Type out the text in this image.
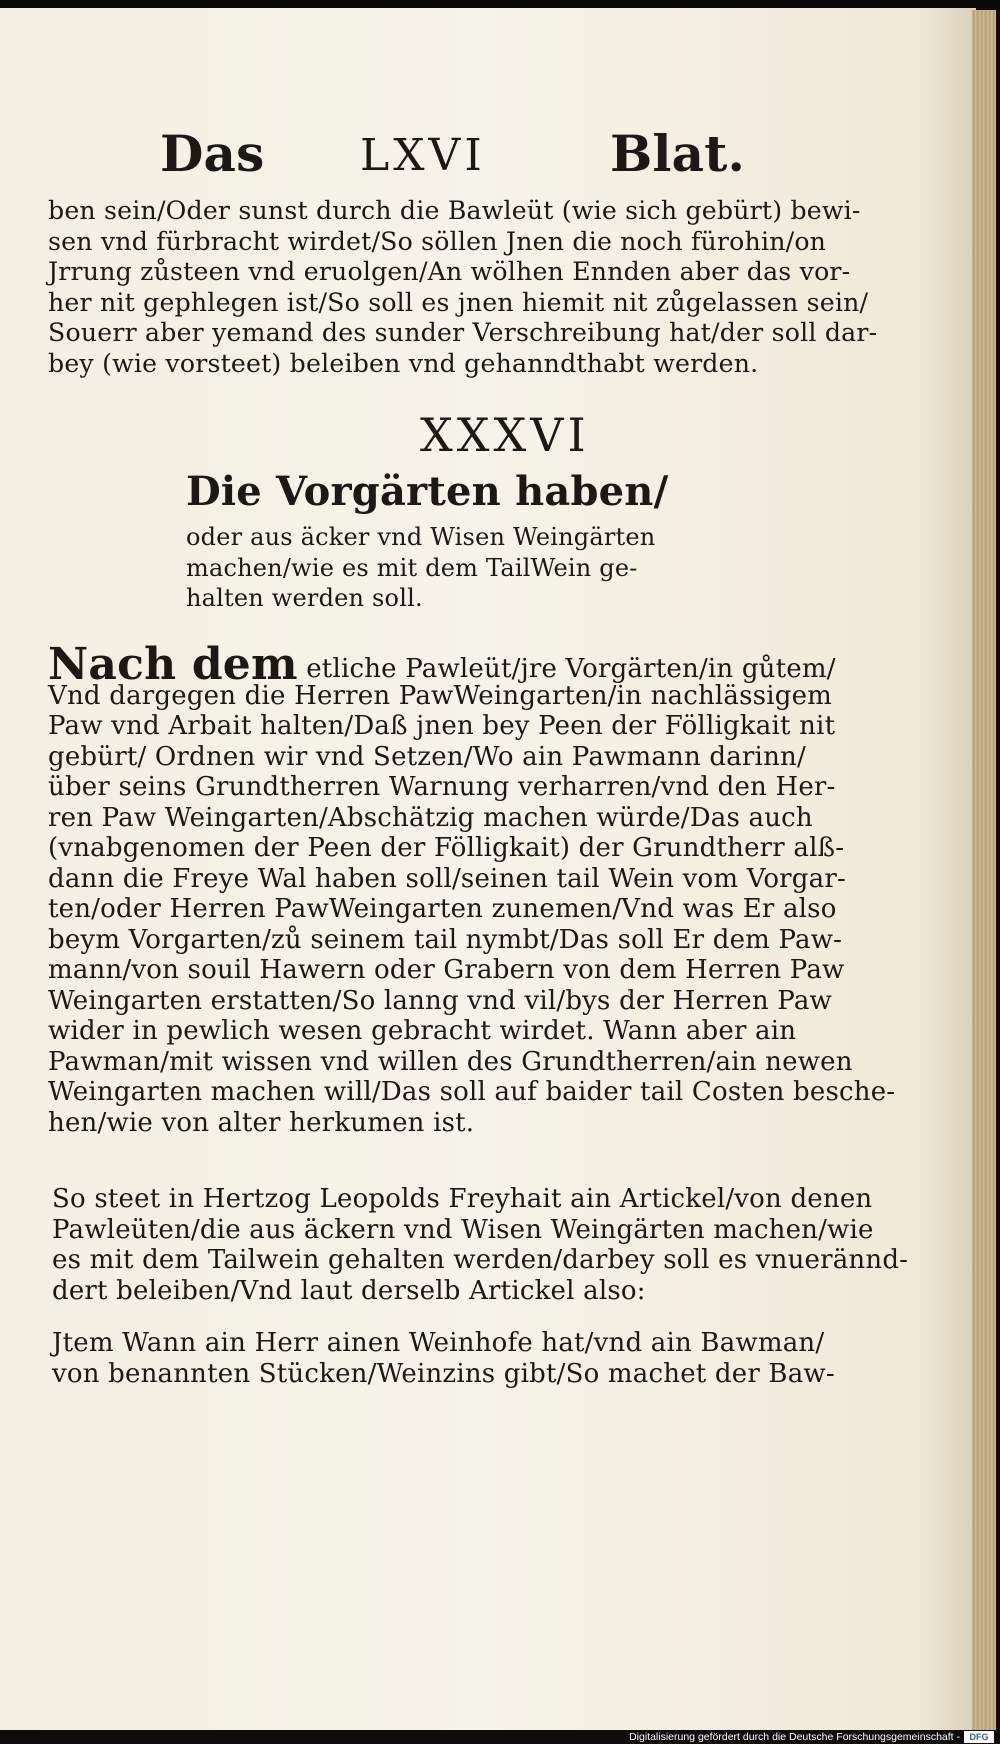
Das LXVI Blat.
ben sein/Oder sunst durch die Bawleüt (wie sich gebürt) bewi-
sen vnd fürbracht wirdet/So söllen Jnen die noch fürohin/on
Jrrung zůsteen vnd eruolgen/An wölhen Ennden aber das vor-
her nit gephlegen ist/So soll es jnen hiemit nit zůgelassen sein/
Souerr aber yemand des sunder Verschreibung hat/der soll dar-
bey (wie vorsteet) beleiben vnd gehanndthabt werden.
XXXVI
Die Vorgärten haben/
oder aus äcker vnd Wisen Weingärten
machen/wie es mit dem TailWein ge-
halten werden soll.
Nach dem etliche Pawleüt/jre Vorgärten/in gůtem/
Vnd dargegen die Herren PawWeingarten/in nachlässigem
Paw vnd Arbait halten/Daß jnen bey Peen der Fölligkait nit
gebürt/ Ordnen wir vnd Setzen/Wo ain Pawmann darinn/
über seins Grundtherren Warnung verharren/vnd den Her-
ren Paw Weingarten/Abschätzig machen würde/Das auch
(vnabgenomen der Peen der Fölligkait) der Grundtherr alß-
dann die Freye Wal haben soll/seinen tail Wein vom Vorgar-
ten/oder Herren PawWeingarten zunemen/Vnd was Er also
beym Vorgarten/zů seinem tail nymbt/Das soll Er dem Paw-
mann/von souil Hawern oder Grabern von dem Herren Paw
Weingarten erstatten/So lanng vnd vil/bys der Herren Paw
wider in pewlich wesen gebracht wirdet. Wann aber ain
Pawman/mit wissen vnd willen des Grundtherren/ain newen
Weingarten machen will/Das soll auf baider tail Costen besche-
hen/wie von alter herkumen ist.
So steet in Hertzog Leopolds Freyhait ain Artickel/von denen
Pawleüten/die aus äckern vnd Wisen Weingärten machen/wie
es mit dem Tailwein gehalten werden/darbey soll es vnuerännd-
dert beleiben/Vnd laut derselb Artickel also:
Jtem Wann ain Herr ainen Weinhofe hat/vnd ain Bawman/
von benannten Stücken/Weinzins gibt/So machet der Baw-
Digitalisierung gefördert durch die Deutsche Forschungsgemeinschaft -	DFG
